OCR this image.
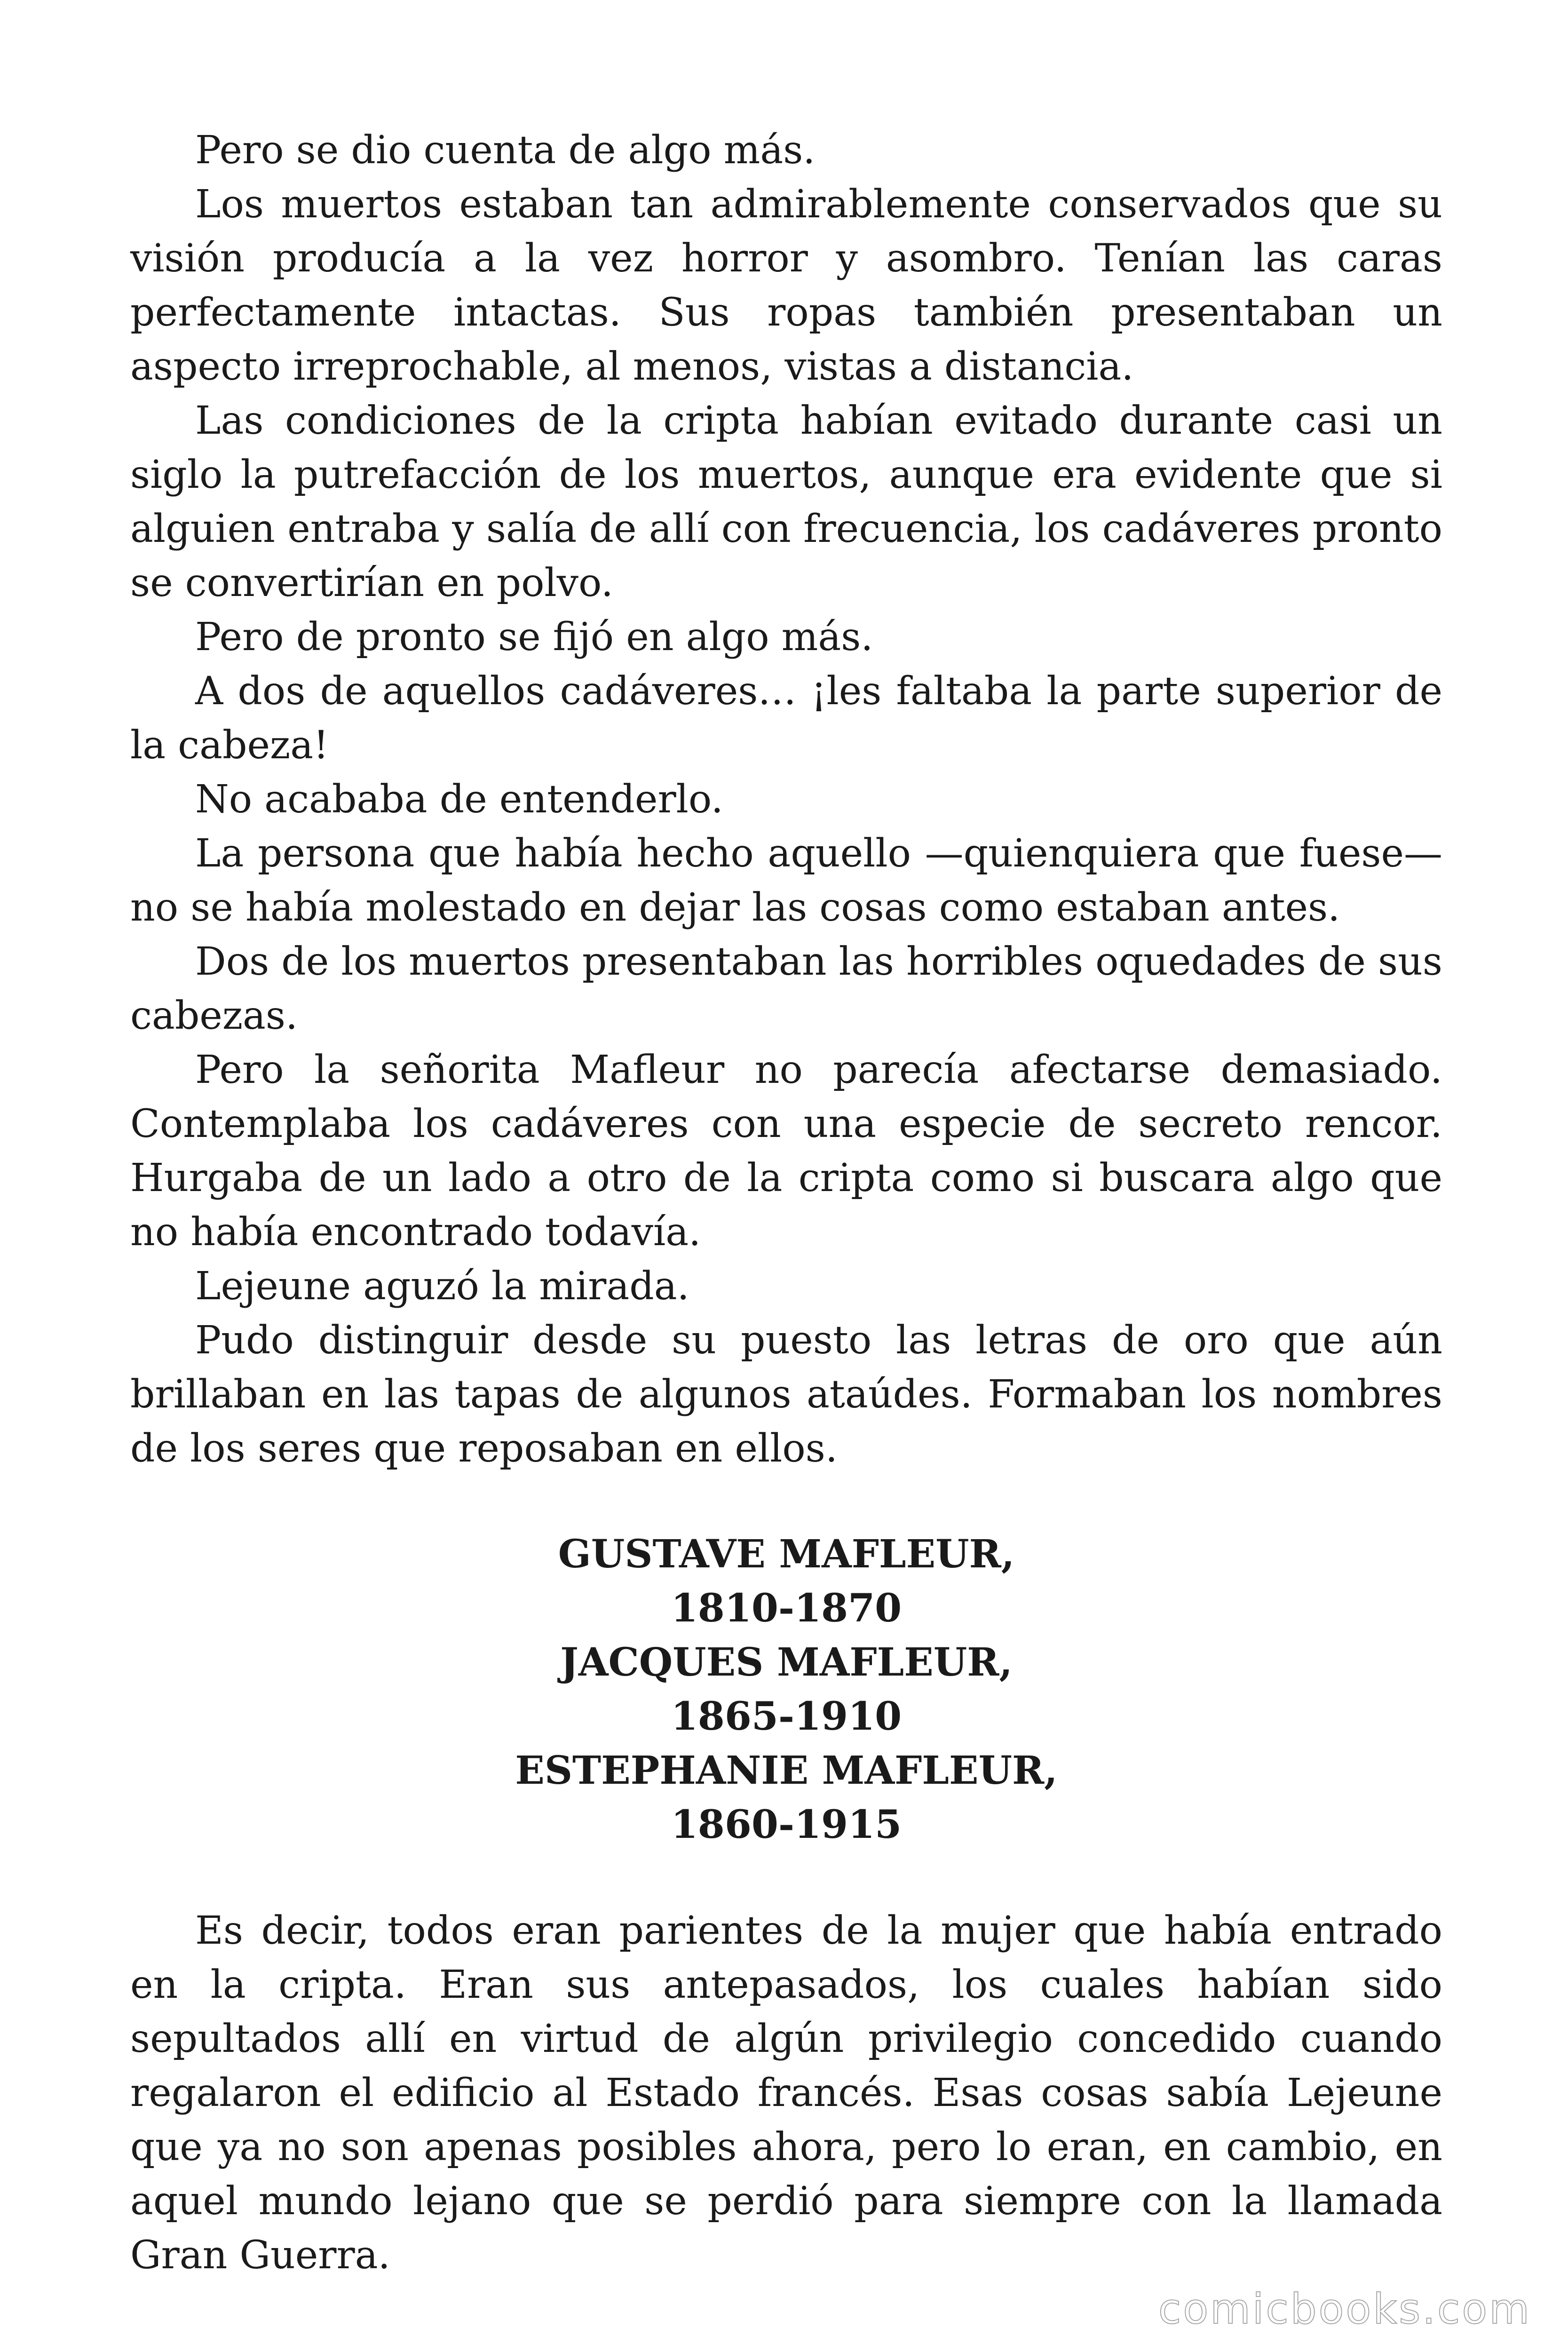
Pero se dio cuenta de algo más.

Los muertos estaban tan admirablemente conservados que su visión producía a la vez horror y asombro. Tenían las caras perfectamente intactas. Sus ropas también presentaban un aspecto irreprochable, al menos, vistas a distancia.

Las condiciones de la cripta habían evitado durante casi un siglo la putrefacción de los muertos, aunque era evidente que si alguien entraba y salía de allí con frecuencia, los cadáveres pronto se convertirían en polvo.

Pero de pronto se fijó en algo más.

A dos de aquellos cadáveres… ¡les faltaba la parte superior de la cabeza!

No acababa de entenderlo.

La persona que había hecho aquello —quienquiera que fuese— no se había molestado en dejar las cosas como estaban antes.

Dos de los muertos presentaban las horribles oquedades de sus cabezas.

Pero la señorita Mafleur no parecía afectarse demasiado. Contemplaba los cadáveres con una especie de secreto rencor. Hurgaba de un lado a otro de la cripta como si buscara algo que no había encontrado todavía.

Lejeune aguzó la mirada.

Pudo distinguir desde su puesto las letras de oro que aún brillaban en las tapas de algunos ataúdes. Formaban los nombres de los seres que reposaban en ellos.

GUSTAVE MAFLEUR,

1810-1870

JACQUES MAFLEUR,

1865-1910

ESTEPHANIE MAFLEUR,

1860-1915

Es decir, todos eran parientes de la mujer que había entrado en la cripta. Eran sus antepasados, los cuales habían sido sepultados allí en virtud de algún privilegio concedido cuando regalaron el edificio al Estado francés. Esas cosas sabía Lejeune que ya no son apenas posibles ahora, pero lo eran, en cambio, en aquel mundo lejano que se perdió para siempre con la llamada Gran Guerra.

comicbooks.com
